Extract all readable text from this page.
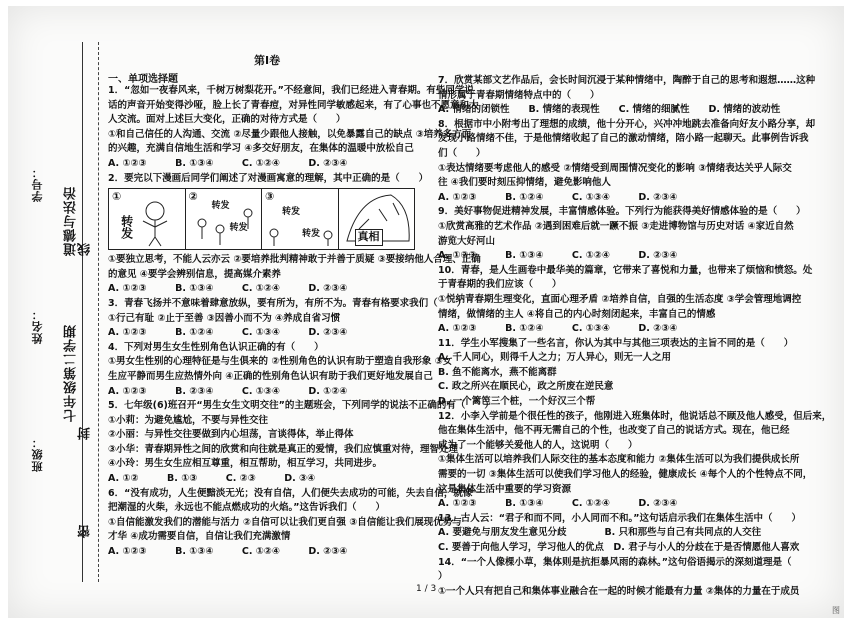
学号：
姓名：
班级：
道德与法治
七年级第二学期
线
封
密
第Ⅰ卷
一、单项选择题

1．“忽如一夜春风来，千树万树梨花开。”不经意间，我们已经进入青春期。有些同学说

话的声音开始变得沙哑，脸上长了青春痘，对异性同学敏感起来，有了心事也不愿意和大

人交流。面对上述巨大变化，正确的对待方式是（　　）

①和自己信任的人沟通、交流 ②尽量少跟他人接触，以免暴露自己的缺点 ③培养多方面

的兴趣，充满自信地生活和学习 ④多交好朋友，在集体的温暖中放松自己

A. ①②③　　　B. ①③④　　　C. ①②④　　　D. ②③④

2．要完以下漫画后同学们阐述了对漫画寓意的理解，其中正确的是（　　）

①
转发
②
转发
转发
③
转发
转发	真相

①要独立思考，不能人云亦云 ②要培养批判精神敢于并善于质疑 ③要接纳他人合理、正确

的意见 ④要学会辨别信息，提高媒介素养

A. ①②③　　　B. ①③④　　　C. ①②④　　　D. ②③④

3．青春飞扬并不意味着肆意放纵，要有所为，有所不为。青春有格要求我们（　　）

①行己有耻 ②止于至善 ③因善小而不为 ④养成自省习惯

A. ①②③　　　B. ①②④　　　C. ①③④　　　D. ②③④

4．下列对男生女生性别角色认识正确的有（　　）

①男女生性别的心理特征是与生俱来的 ②性别角色的认识有助于塑造自我形象 ③女

生应平静而男生应热情外向 ④正确的性别角色认识有助于我们更好地发展自己

A. ①②③　　　B. ②③④　　　C. ①③④　　　D. ①②④

5．七年级(6)班召开“男生女生文明交往”的主题班会，下列同学的说法不正确的有（　　）

①小莉：为避免尴尬，不要与异性交往

②小丽：与异性交往要做到内心坦荡，言谈得体，举止得体

③小华：青春期异性之间的欣赏和向往就是真正的爱情，我们应慎重对待，理智处理

④小玲：男生女生应相互尊重，相互帮助，相互学习，共同进步。

A. ①②　　　B. ①③　　　C. ②③　　　D. ③④

6．“没有成功，人生便黯淡无光；没有自信，人们便失去成功的可能，失去自信，就像一

把潮湿的火柴，永远也不能点燃成功的火焰。”这告诉我们（　　）

①自信能激发我们的潜能与活力 ②自信可以让我们更自强 ③自信能让我们展现优势与

才华 ④成功需要自信，自信让我们充满激情

A. ①②③　　　B. ①③④　　　C. ①②④　　　D. ②③④

7．欣赏某部文艺作品后，会长时间沉浸于某种情绪中，陶醉于自己的思考和遐想……这种

情形属于青春期情绪特点中的（　　）

A. 情绪的闭锁性　　B. 情绪的表现性　　C. 情绪的细腻性　　D. 情绪的波动性

8．根据市中小附考出了理想的成绩，他十分开心，兴冲冲地跳去准备向好友小路分享，却

发现小路情绪不佳，于是他情绪收起了自己的激动情绪，陪小路一起聊天。此事例告诉我

们（　　）

①表达情绪要考虑他人的感受 ②情绪受到周围情况变化的影响 ③情绪表达关乎人际交

往 ④我们要时刻压抑情绪，避免影响他人

A. ①②③　　　B. ①②④　　　C. ①③④　　　D. ②③④

9．美好事物促进精神发展，丰富情感体验。下列行为能获得美好情感体验的是（　　）

①欣赏高雅的艺术作品 ②遇到困难后就一蹶不振 ③走进博物馆与历史对话 ④家近自然

游览大好河山

A. ①②③　　　B. ①③④　　　C. ①②④　　　D. ②③④

10．青春，是人生画卷中最华美的篇章，它带来了喜悦和力量，也带来了烦恼和愤怒。处

于青春期的我们应该（　　）

①悦纳青春期生理变化，直面心理矛盾 ②培养自信，自强的生活态度 ③学会管理地调控

情绪，做情绪的主人 ④将自己的内心时刻闭起来，丰富自己的情感

A. ①②③　　　B. ①②④　　　C. ①③④　　　D. ②③④

11．学生小军搜集了一些名言，你认为其中与其他三项表达的主旨不同的是（　　）

A. 千人同心，则得千人之力；万人异心，则无一人之用

B. 鱼不能离水，燕不能离群

C. 政之所兴在顺民心，政之所废在逆民意

D. 一个篱笆三个桩，一个好汉三个帮

12．小李入学前是个很任性的孩子，他刚进入班集体时，他说话总不顾及他人感受，但后来，

他在集体生活中，他不再无需自己的个性，也改变了自己的说话方式。现在，他已经

成为了一个能够关爱他人的人，这说明（　　）

①集体生活可以培养我们人际交往的基本态度和能力 ②集体生活可以为我们提供成长所

需要的一切 ③集体生活可以使我们学习他人的经验，健康成长 ④每个人的个性特点不同，

这是集体生活中重要的学习资源

A. ①②③　　　B. ①③④　　　C. ①②④　　　D. ②③④

13．古人云：“君子和而不同，小人同而不和。”这句话启示我们在集体生活中（　　）

A. 要避免与朋友发生意见分歧　　　　B. 只和那些与自己有共同点的人交往

C. 要善于向他人学习，学习他人的优点　D. 君子与小人的分歧在于是否情愿他人喜欢

14．“一个人像棵小草，集体则是抗拒暴风雨的森林。”这句俗语揭示的深刻道理是（　

）

①一个人只有把自己和集体事业融合在一起的时候才能最有力量 ②集体的力量在于成员

1 / 3
图
